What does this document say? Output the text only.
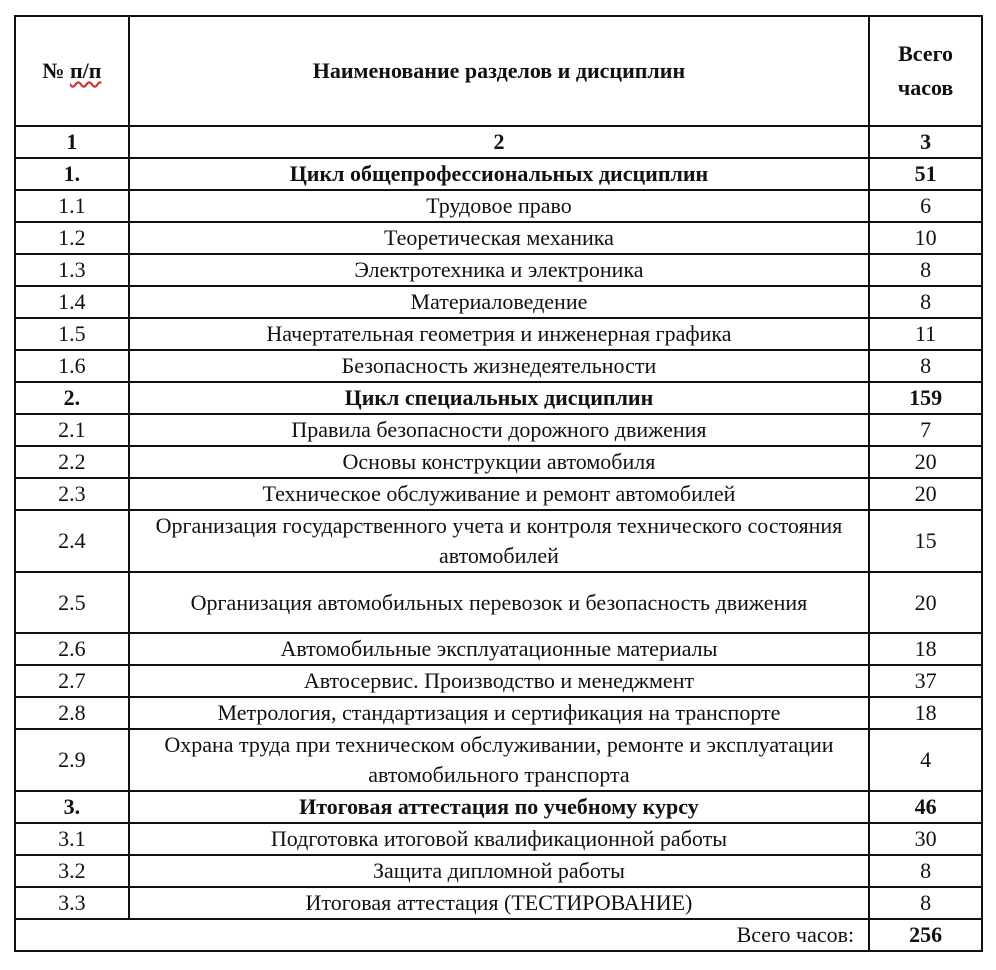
№ п/п	Наименование разделов и дисциплин	Всего
часов
1	2	3
1.	Цикл общепрофессиональных дисциплин	51
1.1	Трудовое право	6
1.2	Теоретическая механика	10
1.3	Электротехника и электроника	8
1.4	Материаловедение	8
1.5	Начертательная геометрия и инженерная графика	11
1.6	Безопасность жизнедеятельности	8
2.	Цикл специальных дисциплин	159
2.1	Правила безопасности дорожного движения	7
2.2	Основы конструкции автомобиля	20
2.3	Техническое обслуживание и ремонт автомобилей	20
2.4	Организация государственного учета и контроля технического состояния автомобилей	15
2.5	Организация автомобильных перевозок и безопасность движения	20
2.6	Автомобильные эксплуатационные материалы	18
2.7	Автосервис. Производство и менеджмент	37
2.8	Метрология, стандартизация и сертификация на транспорте	18
2.9	Охрана труда при техническом обслуживании, ремонте и эксплуатации автомобильного транспорта	4
3.	Итоговая аттестация по учебному курсу	46
3.1	Подготовка итоговой квалификационной работы	30
3.2	Защита дипломной работы	8
3.3	Итоговая аттестация (ТЕСТИРОВАНИЕ)	8
Всего часов:		256
